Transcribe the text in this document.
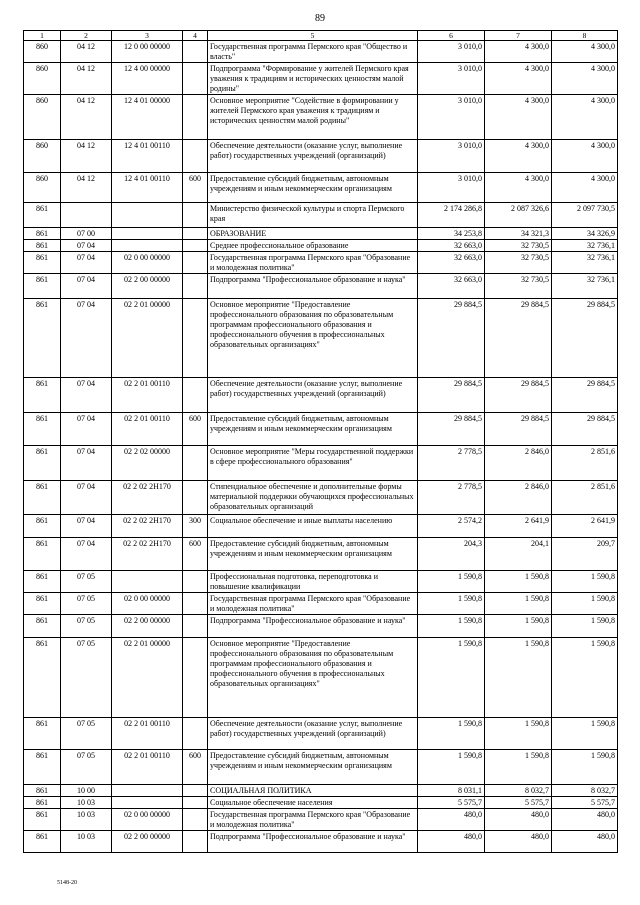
89
1	2	3	4	5	6	7	8
860	04 12	12 0 00 00000		Государственная программа Пермского края "Общество и власть"	3 010,0	4 300,0	4 300,0
860	04 12	12 4 00 00000		Подпрограмма "Формирование у жителей Пермского края уважения к традициям и исторических ценностям малой родины"	3 010,0	4 300,0	4 300,0
860	04 12	12 4 01 00000		Основное мероприятие "Содействие в формировании у жителей Пермского края уважения к традициям и исторических ценностям малой родины"	3 010,0	4 300,0	4 300,0
860	04 12	12 4 01 00110		Обеспечение деятельности (оказание услуг, выполнение работ) государственных учреждений (организаций)	3 010,0	4 300,0	4 300,0
860	04 12	12 4 01 00110	600	Предоставление субсидий бюджетным, автономным учреждениям и иным некоммерческим организациям	3 010,0	4 300,0	4 300,0
861				Министерство физической культуры и спорта Пермского края	2 174 286,8	2 087 326,6	2 097 730,5
861	07 00			ОБРАЗОВАНИЕ	34 253,8	34 321,3	34 326,9
861	07 04			Среднее профессиональное образование	32 663,0	32 730,5	32 736,1
861	07 04	02 0 00 00000		Государственная программа Пермского края "Образование и молодежная политика"	32 663,0	32 730,5	32 736,1
861	07 04	02 2 00 00000		Подпрограмма "Профессиональное образование и наука"	32 663,0	32 730,5	32 736,1
861	07 04	02 2 01 00000		Основное мероприятие "Предоставление профессионального образования по образовательным программам профессионального образования и профессионального обучения в профессиональных образовательных организациях"	29 884,5	29 884,5	29 884,5
861	07 04	02 2 01 00110		Обеспечение деятельности (оказание услуг, выполнение работ) государственных учреждений (организаций)	29 884,5	29 884,5	29 884,5
861	07 04	02 2 01 00110	600	Предоставление субсидий бюджетным, автономным учреждениям и иным некоммерческим организациям	29 884,5	29 884,5	29 884,5
861	07 04	02 2 02 00000		Основное мероприятие "Меры государственной поддержки в сфере профессионального образования"	2 778,5	2 846,0	2 851,6
861	07 04	02 2 02 2Н170		Стипендиальное обеспечение и дополнительные формы материальной поддержки обучающихся профессиональных образовательных организаций	2 778,5	2 846,0	2 851,6
861	07 04	02 2 02 2Н170	300	Социальное обеспечение и иные выплаты населению	2 574,2	2 641,9	2 641,9
861	07 04	02 2 02 2Н170	600	Предоставление субсидий бюджетным, автономным учреждениям и иным некоммерческим организациям	204,3	204,1	209,7
861	07 05			Профессиональная подготовка, переподготовка и повышение квалификации	1 590,8	1 590,8	1 590,8
861	07 05	02 0 00 00000		Государственная программа Пермского края "Образование и молодежная политика"	1 590,8	1 590,8	1 590,8
861	07 05	02 2 00 00000		Подпрограмма "Профессиональное образование и наука"	1 590,8	1 590,8	1 590,8
861	07 05	02 2 01 00000		Основное мероприятие "Предоставление профессионального образования по образовательным программам профессионального образования и профессионального обучения в профессиональных образовательных организациях"	1 590,8	1 590,8	1 590,8
861	07 05	02 2 01 00110		Обеспечение деятельности (оказание услуг, выполнение работ) государственных учреждений (организаций)	1 590,8	1 590,8	1 590,8
861	07 05	02 2 01 00110	600	Предоставление субсидий бюджетным, автономным учреждениям и иным некоммерческим организациям	1 590,8	1 590,8	1 590,8
861	10 00			СОЦИАЛЬНАЯ ПОЛИТИКА	8 031,1	8 032,7	8 032,7
861	10 03			Социальное обеспечение населения	5 575,7	5 575,7	5 575,7
861	10 03	02 0 00 00000		Государственная программа Пермского края "Образование и молодежная политика"	480,0	480,0	480,0
861	10 03	02 2 00 00000		Подпрограмма "Профессиональное образование и наука"	480,0	480,0	480,0
5148-20
